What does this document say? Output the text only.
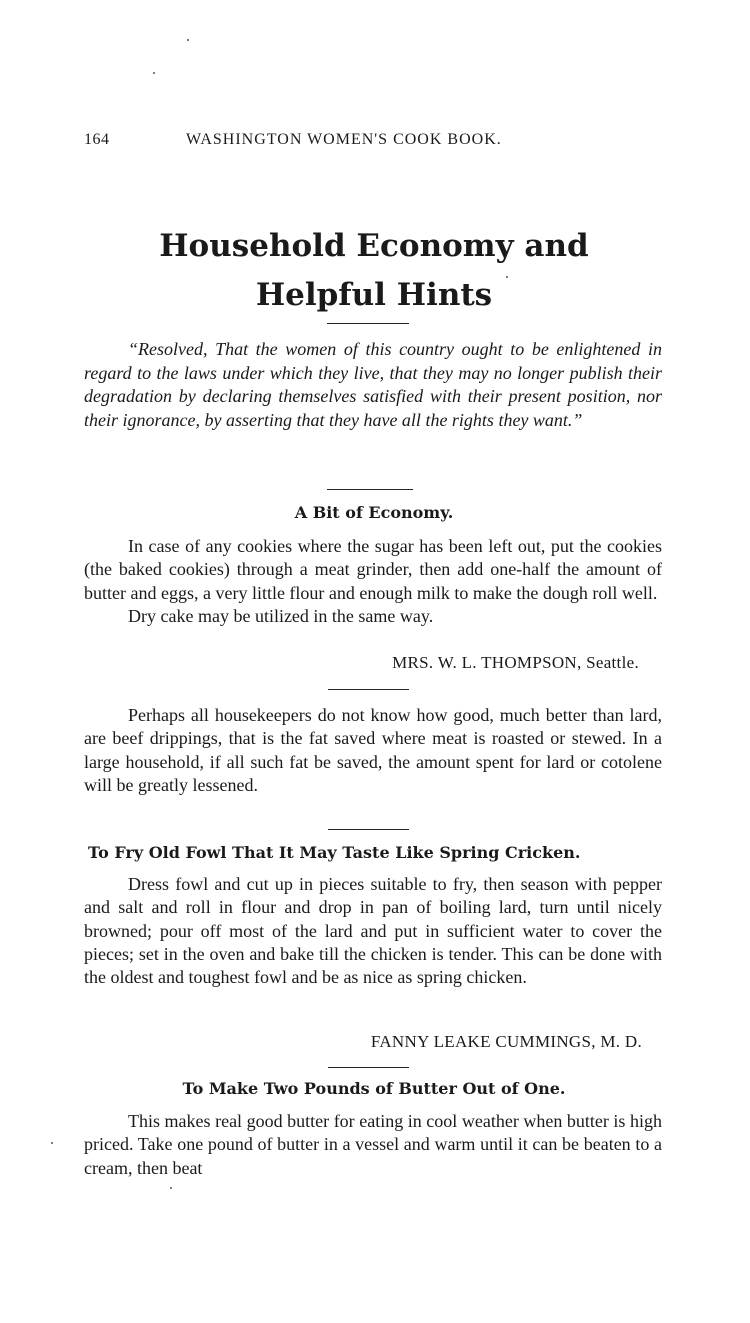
164	WASHINGTON WOMEN'S COOK BOOK.
Household Economy and
Helpful Hints

“Resolved, That the women of this country ought to be enlightened in regard to the laws under which they live, that they may no longer publish their degradation by declaring themselves satisfied with their present position, nor their ignorance, by asserting that they have all the rights they want.”

A Bit of Economy.

In case of any cookies where the sugar has been left out, put the cookies (the baked cookies) through a meat grinder, then add one-half the amount of butter and eggs, a very little flour and enough milk to make the dough roll well.

Dry cake may be utilized in the same way.

MRS. W. L. THOMPSON, Seattle.

Perhaps all housekeepers do not know how good, much better than lard, are beef drippings, that is the fat saved where meat is roasted or stewed. In a large household, if all such fat be saved, the amount spent for lard or cotolene will be greatly lessened.

To Fry Old Fowl That It May Taste Like Spring Cricken.

Dress fowl and cut up in pieces suitable to fry, then season with pepper and salt and roll in flour and drop in pan of boiling lard, turn until nicely browned; pour off most of the lard and put in sufficient water to cover the pieces; set in the oven and bake till the chicken is tender. This can be done with the oldest and toughest fowl and be as nice as spring chicken.

FANNY LEAKE CUMMINGS, M. D.

To Make Two Pounds of Butter Out of One.

This makes real good butter for eating in cool weather when butter is high priced. Take one pound of butter in a vessel and warm until it can be beaten to a cream, then beat
